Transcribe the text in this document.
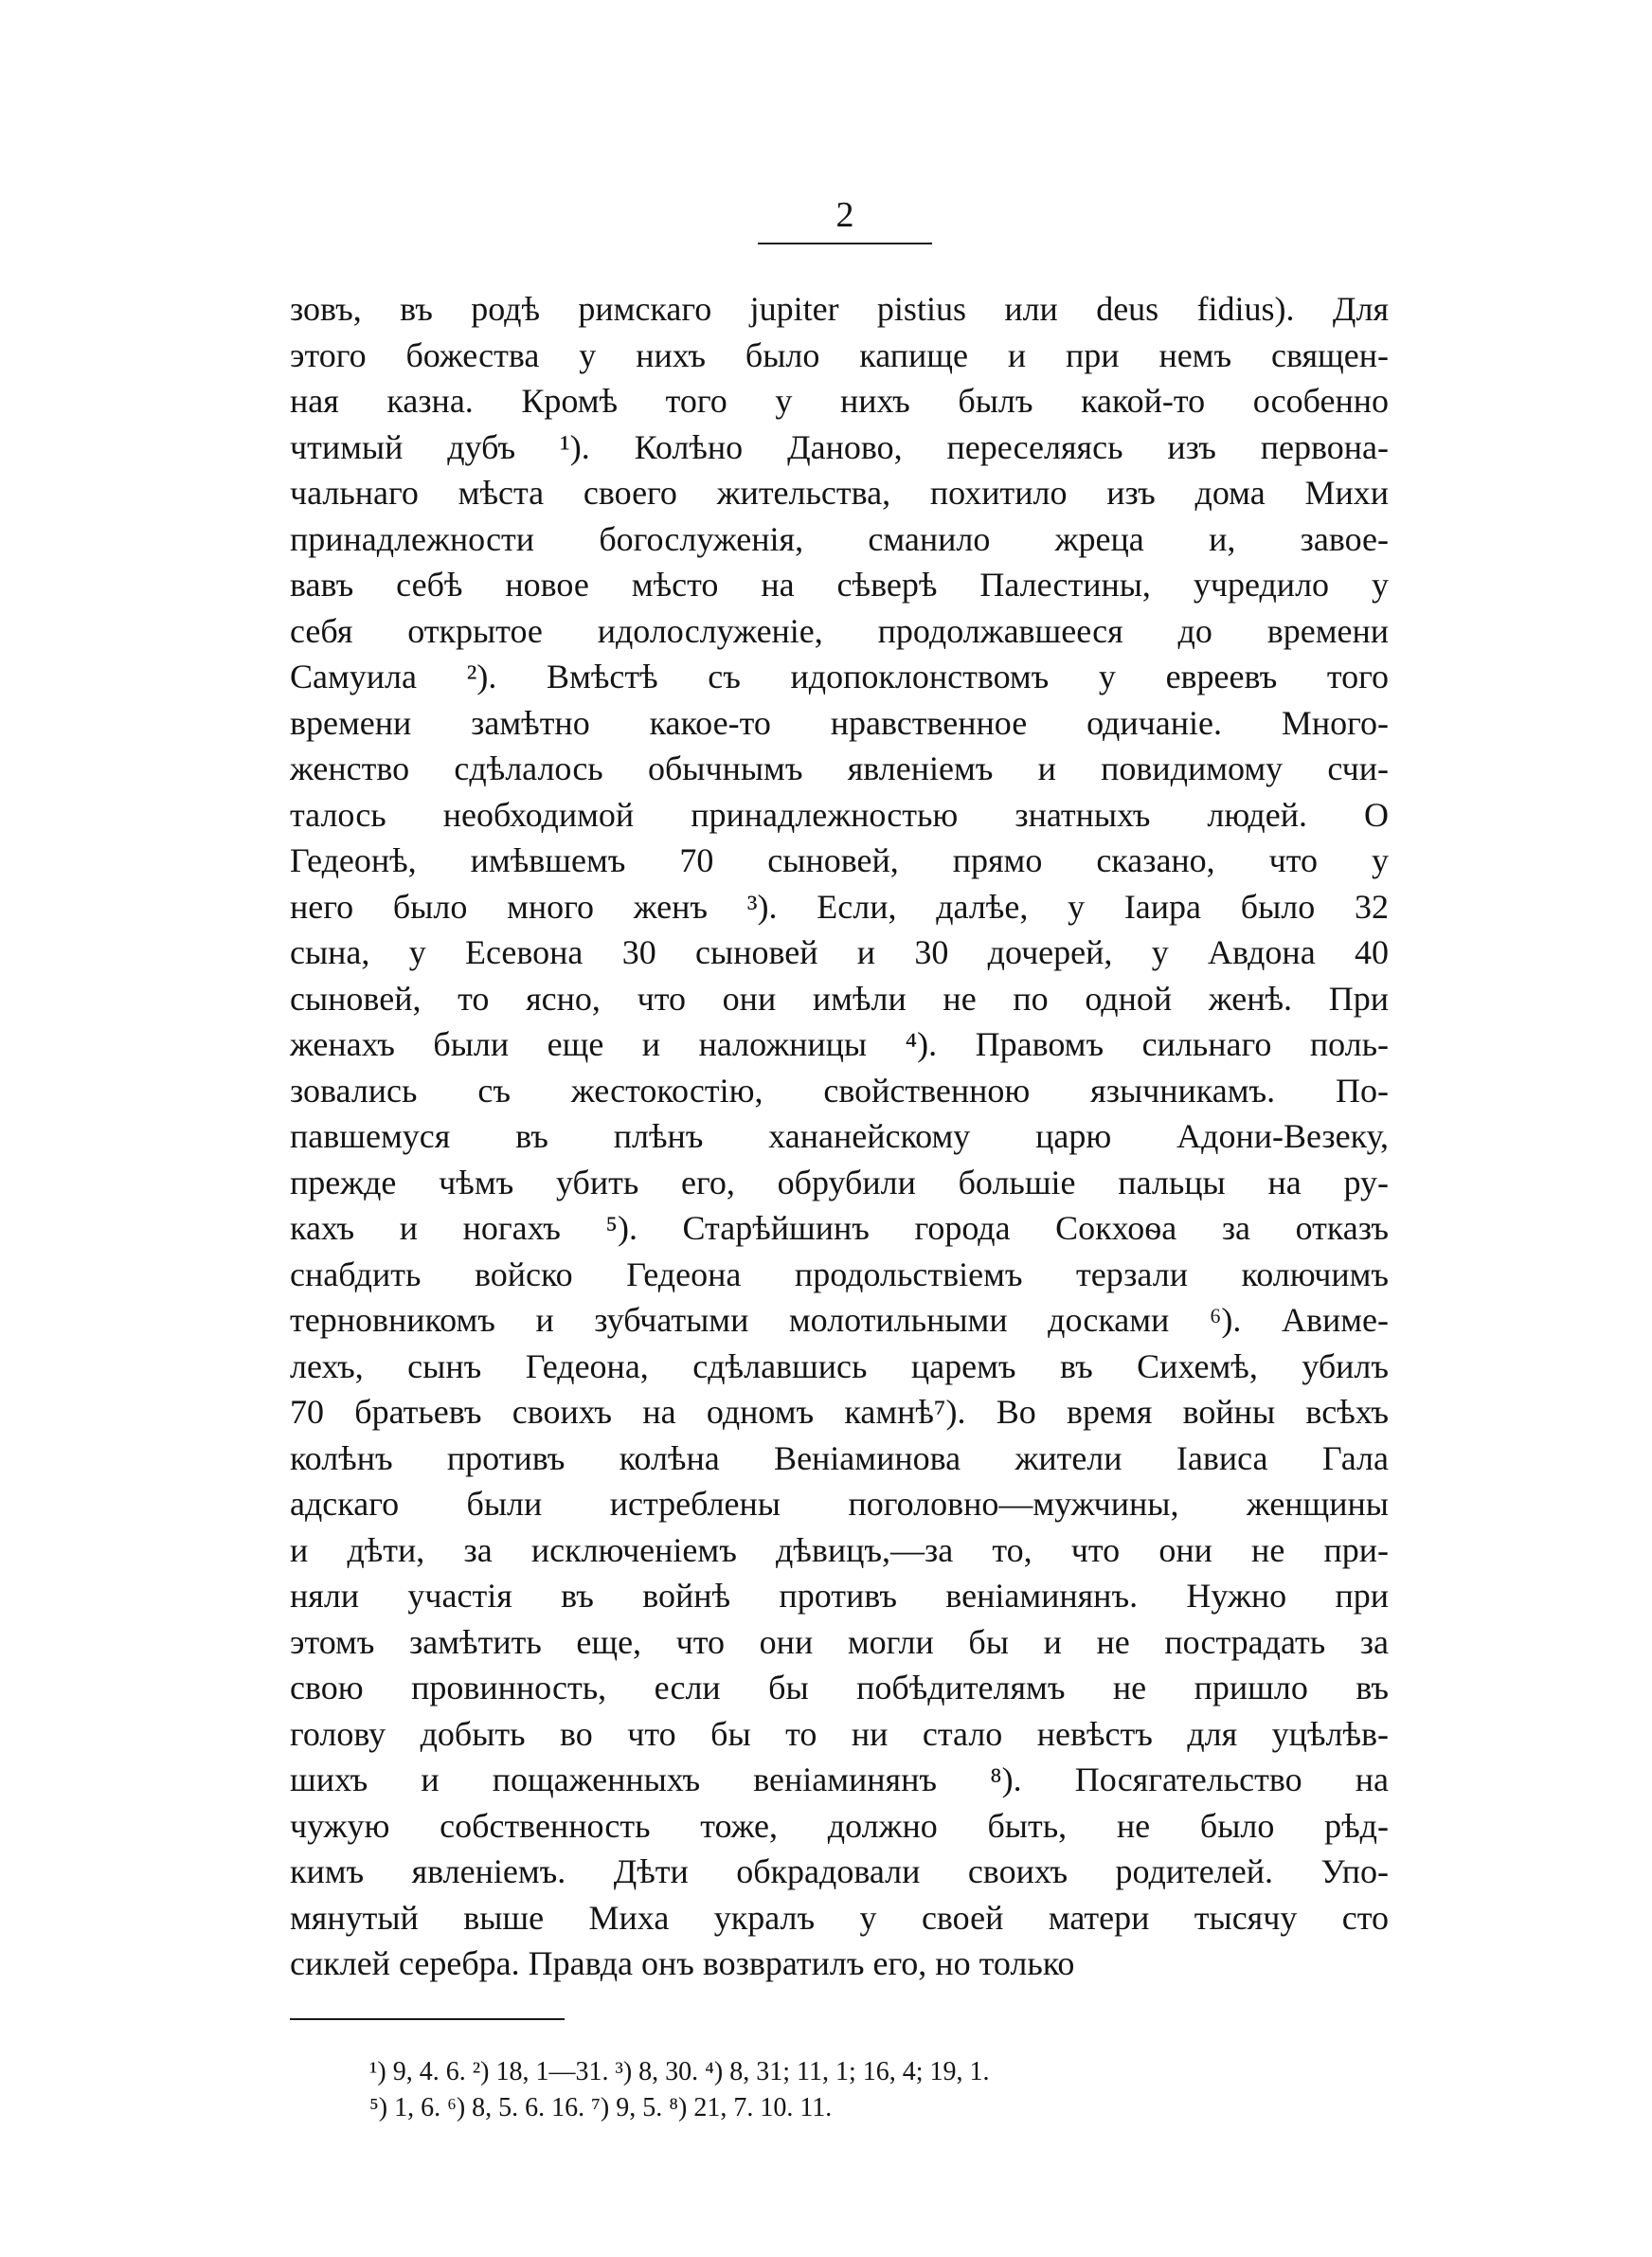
2
зовъ, въ родѣ римскаго jupiter pistius или deus fidius). Для
этого божества у нихъ было капище и при немъ священ-
ная казна. Кромѣ того у нихъ былъ какой-то особенно
чтимый дубъ ¹). Колѣно Даново, переселяясь изъ первона-
чальнаго мѣста своего жительства, похитило изъ дома Михи
принадлежности богослуженія, сманило жреца и, завое-
вавъ себѣ новое мѣсто на сѣверѣ Палестины, учредило у
себя открытое идолослуженіе, продолжавшееся до времени
Самуила ²). Вмѣстѣ съ идопоклонствомъ у евреевъ того
времени замѣтно какое-то нравственное одичаніе. Много-
женство сдѣлалось обычнымъ явленіемъ и повидимому счи-
талось необходимой принадлежностью знатныхъ людей. О
Гедеонѣ, имѣвшемъ 70 сыновей, прямо сказано, что у
него было много женъ ³). Если, далѣе, у Іаира было 32
сына, у Есевона 30 сыновей и 30 дочерей, у Авдона 40
сыновей, то ясно, что они имѣли не по одной женѣ. При
женахъ были еще и наложницы ⁴). Правомъ сильнаго поль-
зовались съ жестокостію, свойственною язычникамъ. По-
павшемуся въ плѣнъ хананейскому царю Адони-Везеку,
прежде чѣмъ убить его, обрубили большіе пальцы на ру-
кахъ и ногахъ ⁵). Старѣйшинъ города Сокхоѳа за отказъ
снабдить войско Гедеона продольствіемъ терзали колючимъ
терновникомъ и зубчатыми молотильными досками ⁶). Авиме-
лехъ, сынъ Гедеона, сдѣлавшись царемъ въ Сихемѣ, убилъ
70 братьевъ своихъ на одномъ камнѣ⁷). Во время войны всѣхъ
колѣнъ противъ колѣна Веніаминова жители Іависа Гала
адскаго были истреблены поголовно—мужчины, женщины
и дѣти, за исключеніемъ дѣвицъ,—за то, что они не при-
няли участія въ войнѣ противъ веніаминянъ. Нужно при
этомъ замѣтить еще, что они могли бы и не пострадать за
свою провинность, если бы побѣдителямъ не пришло въ
голову добыть во что бы то ни стало невѣстъ для уцѣлѣв-
шихъ и пощаженныхъ веніаминянъ ⁸). Посягательство на
чужую собственность тоже, должно быть, не было рѣд-
кимъ явленіемъ. Дѣти обкрадовали своихъ родителей. Упо-
мянутый выше Миха укралъ у своей матери тысячу сто
сиклей серебра. Правда онъ возвратилъ его, но только
¹) 9, 4. 6. ²) 18, 1—31. ³) 8, 30. ⁴) 8, 31; 11, 1; 16, 4; 19, 1.
⁵) 1, 6. ⁶) 8, 5. 6. 16. ⁷) 9, 5. ⁸) 21, 7. 10. 11.
